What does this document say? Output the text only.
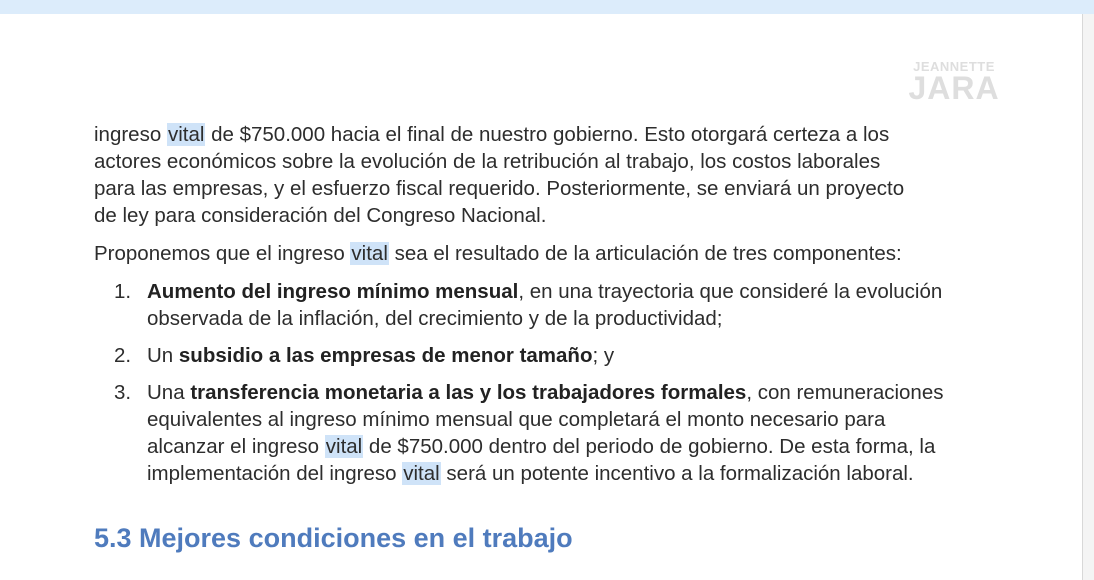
JEANNETTE
JARA

ingreso vital de $750.000 hacia el final de nuestro gobierno. Esto otorgará certeza a los
actores económicos sobre la evolución de la retribución al trabajo, los costos laborales
para las empresas, y el esfuerzo fiscal requerido. Posteriormente, se enviará un proyecto
de ley para consideración del Congreso Nacional.

Proponemos que el ingreso vital sea el resultado de la articulación de tres componentes:

1. Aumento del ingreso mínimo mensual, en una trayectoria que consideré la evolución
observada de la inflación, del crecimiento y de la productividad;
2. Un subsidio a las empresas de menor tamaño; y
3. Una transferencia monetaria a las y los trabajadores formales, con remuneraciones
equivalentes al ingreso mínimo mensual que completará el monto necesario para
alcanzar el ingreso vital de $750.000 dentro del periodo de gobierno. De esta forma, la
implementación del ingreso vital será un potente incentivo a la formalización laboral.
5.3 Mejores condiciones en el trabajo
